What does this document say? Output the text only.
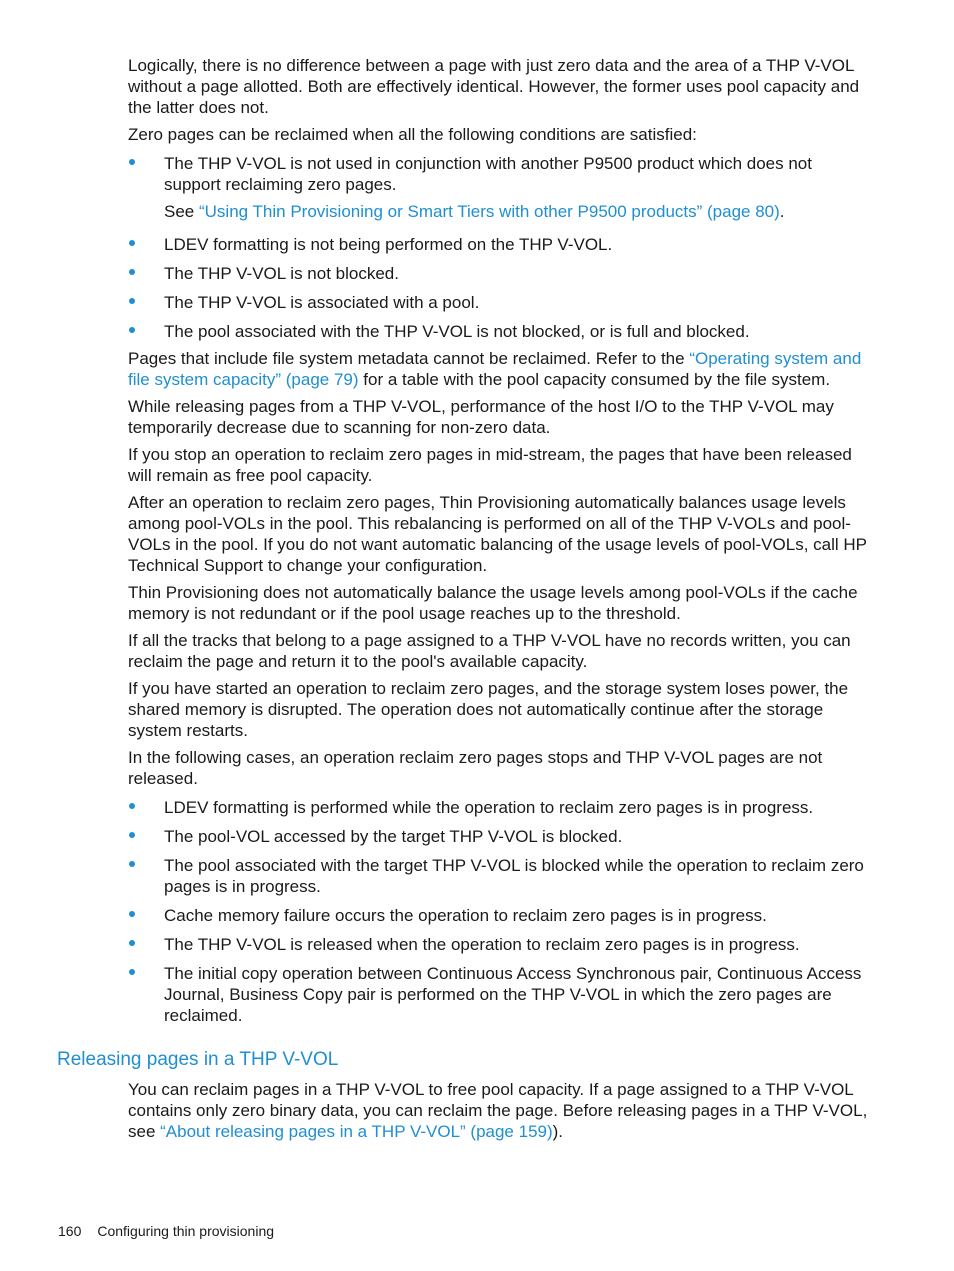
Logically, there is no difference between a page with just zero data and the area of a THP V-VOL without a page allotted. Both are effectively identical. However, the former uses pool capacity and the latter does not.

Zero pages can be reclaimed when all the following conditions are satisfied:

The THP V-VOL is not used in conjunction with another P9500 product which does not support reclaiming zero pages.
See “Using Thin Provisioning or Smart Tiers with other P9500 products” (page 80).
LDEV formatting is not being performed on the THP V-VOL.
The THP V-VOL is not blocked.
The THP V-VOL is associated with a pool.
The pool associated with the THP V-VOL is not blocked, or is full and blocked.

Pages that include file system metadata cannot be reclaimed. Refer to the “Operating system and file system capacity” (page 79) for a table with the pool capacity consumed by the file system.

While releasing pages from a THP V-VOL, performance of the host I/O to the THP V-VOL may temporarily decrease due to scanning for non-zero data.

If you stop an operation to reclaim zero pages in mid-stream, the pages that have been released will remain as free pool capacity.

After an operation to reclaim zero pages, Thin Provisioning automatically balances usage levels among pool-VOLs in the pool. This rebalancing is performed on all of the THP V-VOLs and pool-VOLs in the pool. If you do not want automatic balancing of the usage levels of pool-VOLs, call HP Technical Support to change your configuration.

Thin Provisioning does not automatically balance the usage levels among pool-VOLs if the cache memory is not redundant or if the pool usage reaches up to the threshold.

If all the tracks that belong to a page assigned to a THP V-VOL have no records written, you can reclaim the page and return it to the pool's available capacity.

If you have started an operation to reclaim zero pages, and the storage system loses power, the shared memory is disrupted. The operation does not automatically continue after the storage system restarts.

In the following cases, an operation reclaim zero pages stops and THP V-VOL pages are not released.

LDEV formatting is performed while the operation to reclaim zero pages is in progress.
The pool-VOL accessed by the target THP V-VOL is blocked.
The pool associated with the target THP V-VOL is blocked while the operation to reclaim zero pages is in progress.
Cache memory failure occurs the operation to reclaim zero pages is in progress.
The THP V-VOL is released when the operation to reclaim zero pages is in progress.
The initial copy operation between Continuous Access Synchronous pair, Continuous Access Journal, Business Copy pair is performed on the THP V-VOL in which the zero pages are reclaimed.
Releasing pages in a THP V-VOL

You can reclaim pages in a THP V-VOL to free pool capacity. If a page assigned to a THP V-VOL contains only zero binary data, you can reclaim the page. Before releasing pages in a THP V-VOL, see “About releasing pages in a THP V-VOL” (page 159)).

160 Configuring thin provisioning
